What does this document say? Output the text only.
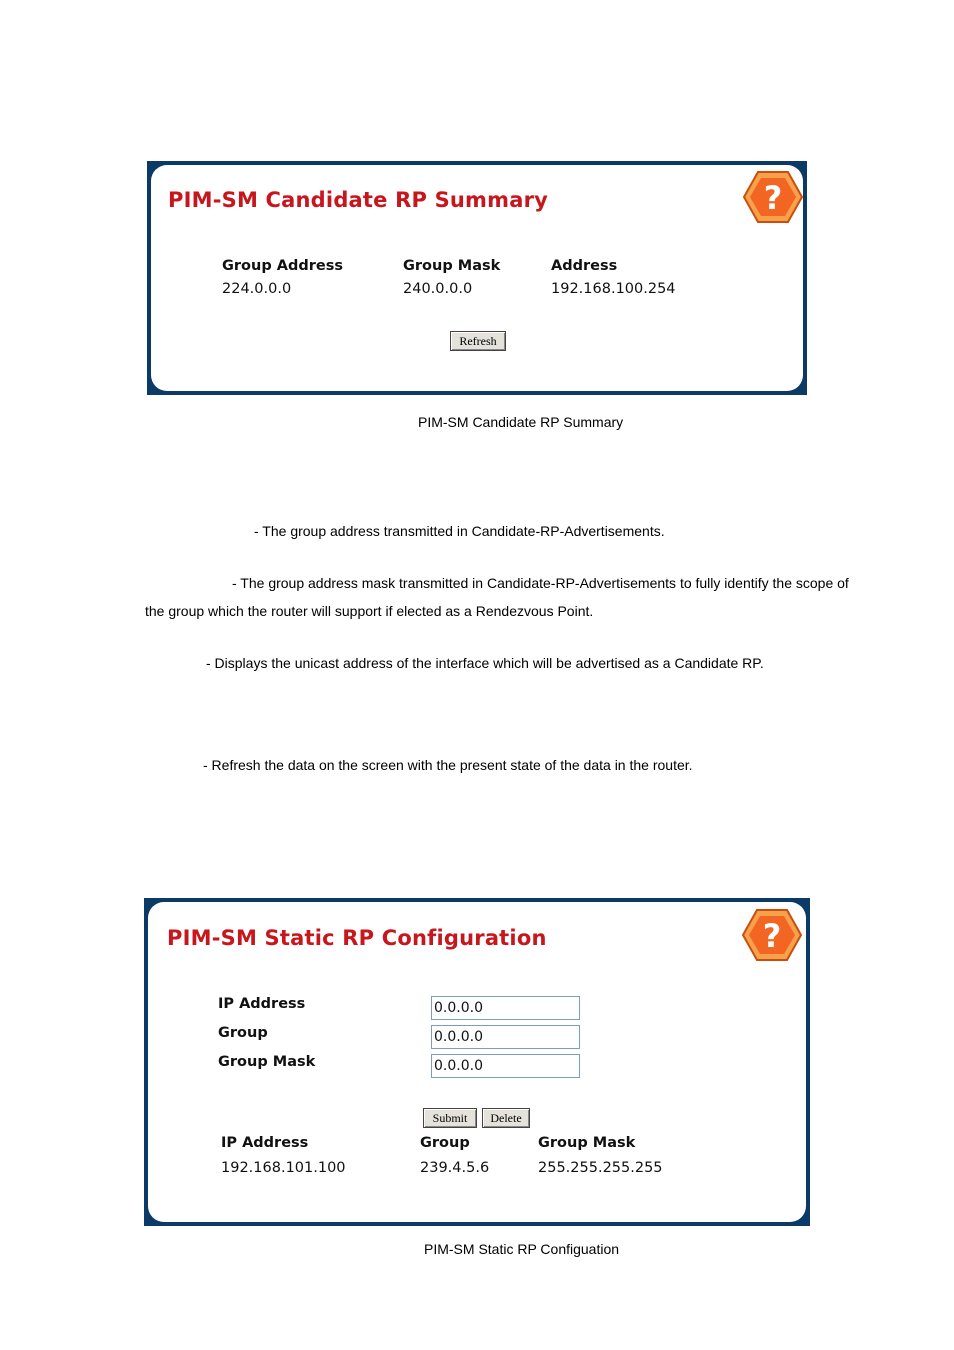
PIM-SM Candidate RP Summary	?
Group Address	Group Mask	Address
224.0.0.0	240.0.0.0	192.168.100.254
Refresh
PIM-SM Candidate RP Summary
- The group address transmitted in Candidate-RP-Advertisements.
- The group address mask transmitted in Candidate-RP-Advertisements to fully identify the scope of
the group which the router will support if elected as a Rendezvous Point.
- Displays the unicast address of the interface which will be advertised as a Candidate RP.
- Refresh the data on the screen with the present state of the data in the router.
PIM-SM Static RP Configuration	?
IP Address
0.0.0.0
Group
0.0.0.0
Group Mask
0.0.0.0
Submit	Delete
IP Address	Group	Group Mask
192.168.101.100	239.4.5.6	255.255.255.255
PIM-SM Static RP Configuation
